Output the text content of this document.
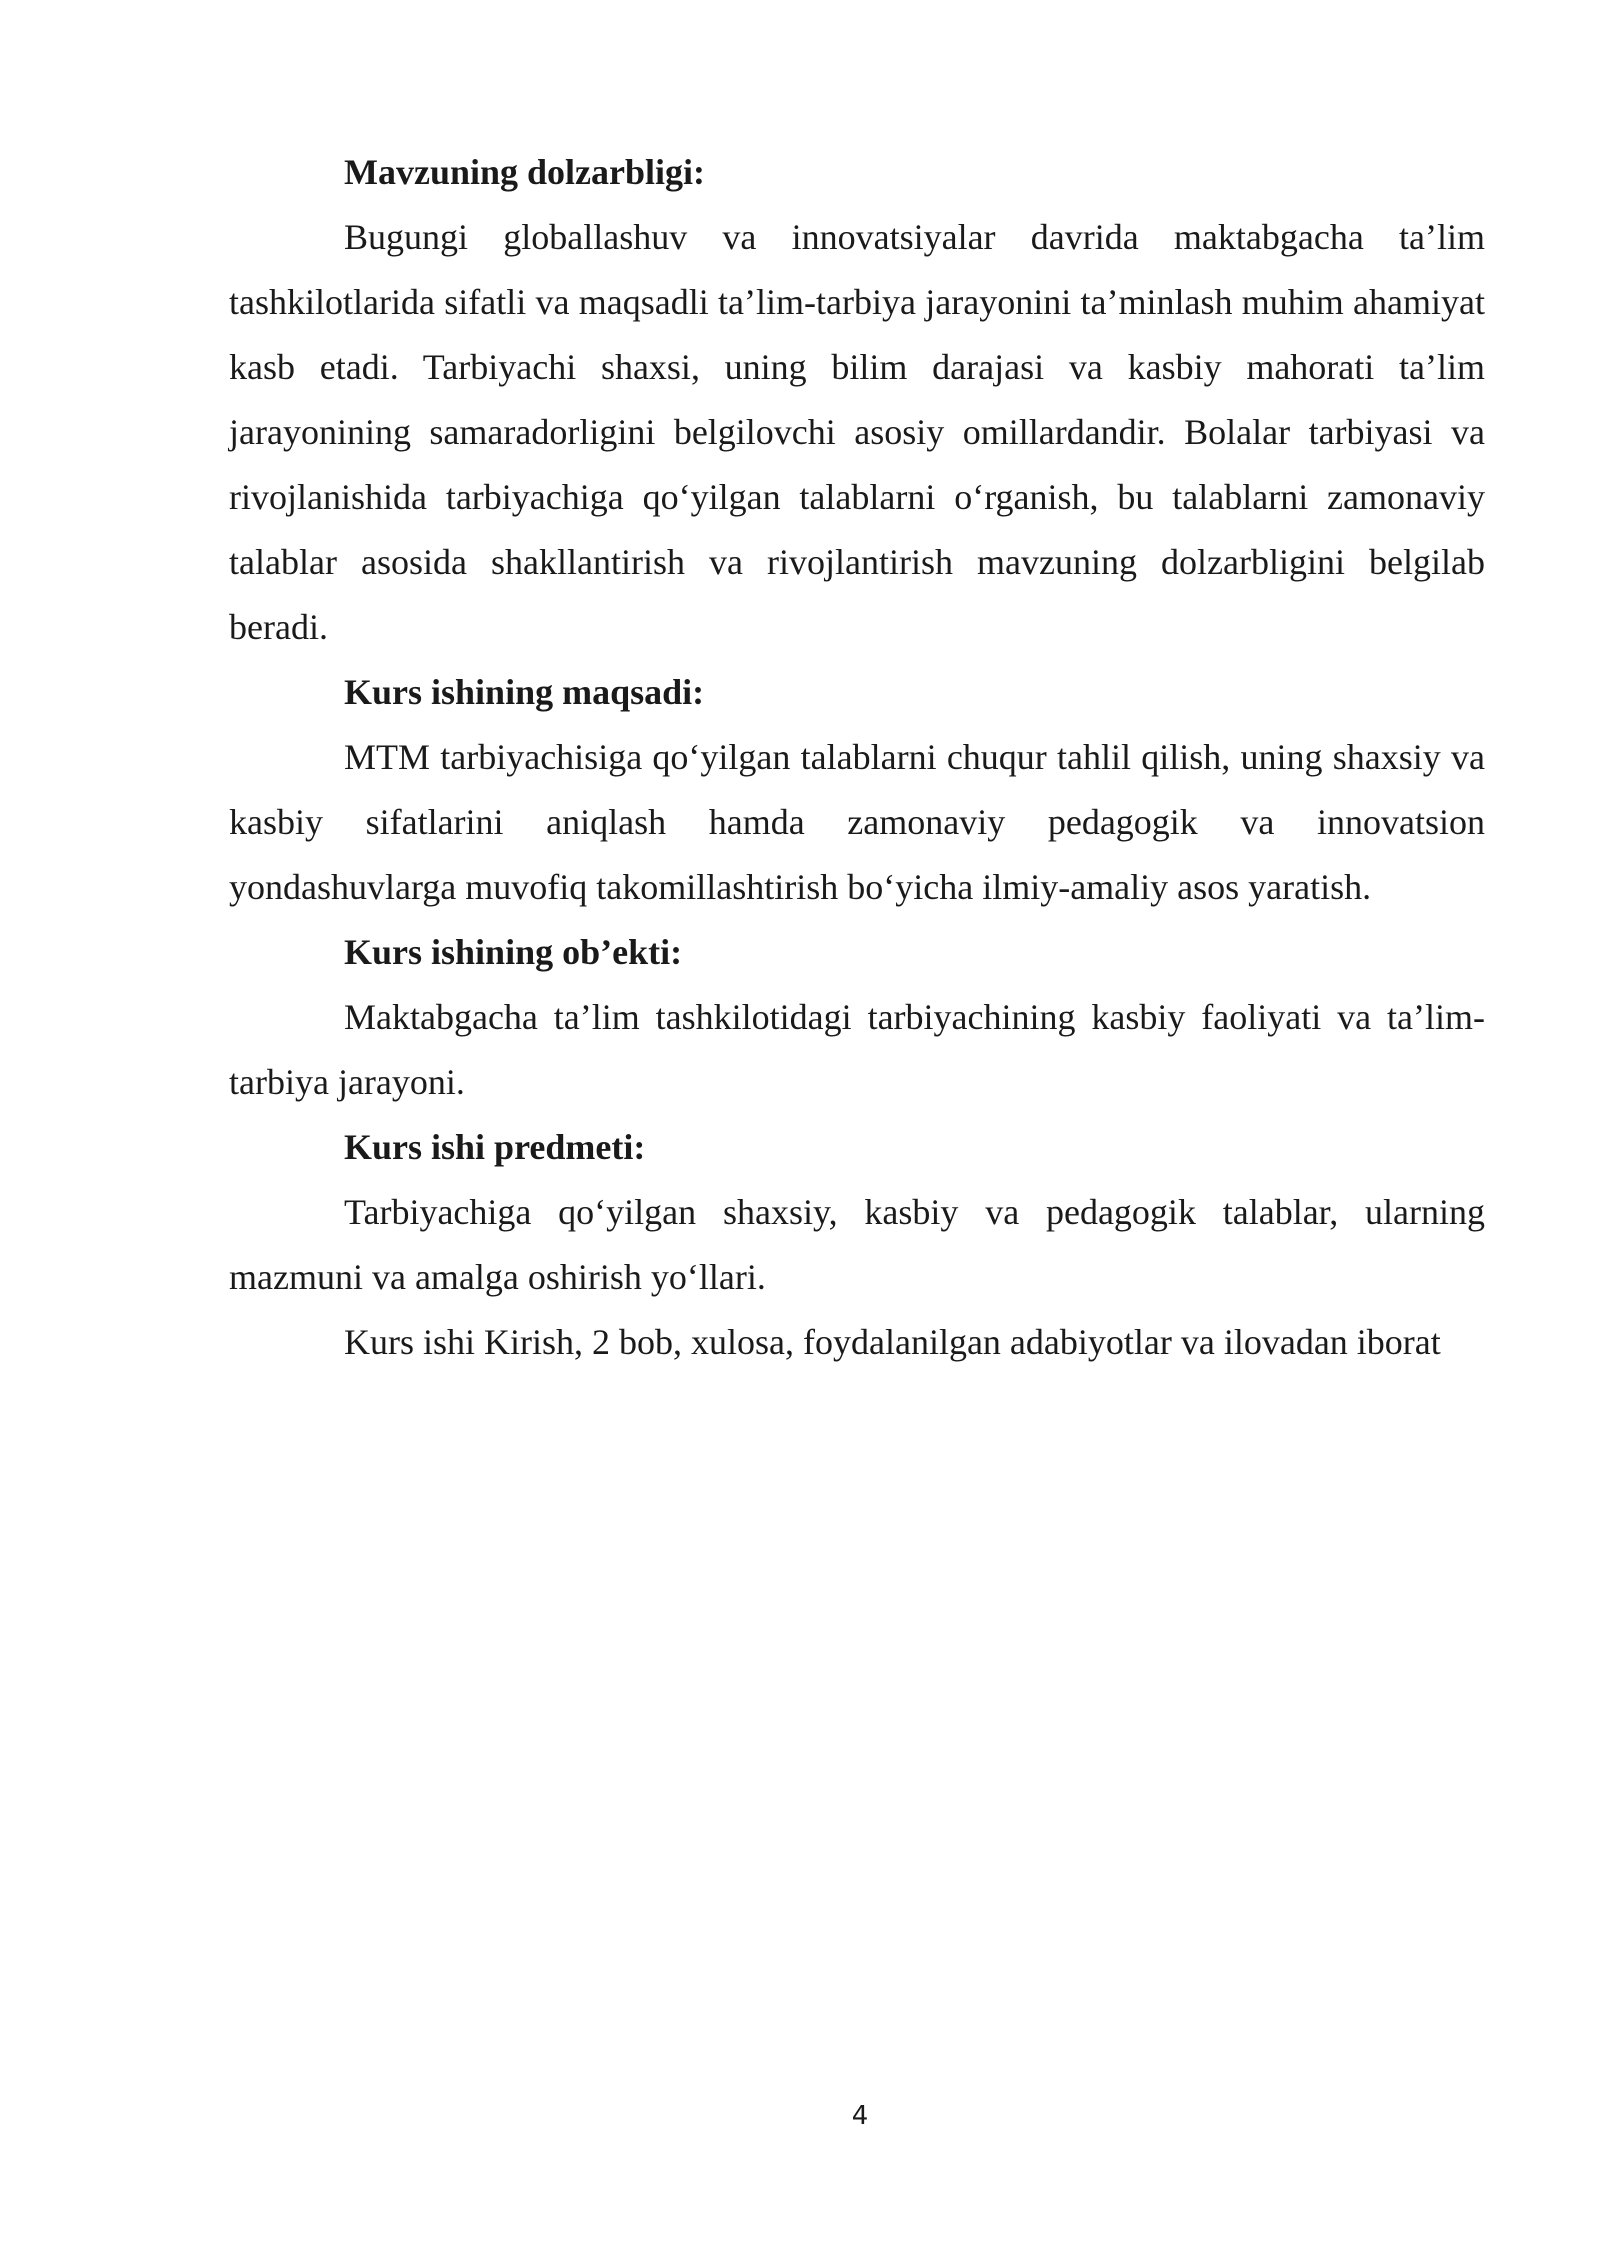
Mavzuning dolzarbligi:

Bugungi globallashuv va innovatsiyalar davrida maktabgacha ta’lim tashkilotlarida sifatli va maqsadli ta’lim-tarbiya jarayonini ta’minlash muhim ahamiyat kasb etadi. Tarbiyachi shaxsi, uning bilim darajasi va kasbiy mahorati ta’lim jarayonining samaradorligini belgilovchi asosiy omillardandir. Bolalar tarbiyasi va rivojlanishida tarbiyachiga qo‘yilgan talablarni o‘rganish, bu talablarni zamonaviy talablar asosida shakllantirish va rivojlantirish mavzuning dolzarbligini belgilab beradi.

Kurs ishining maqsadi:

MTM tarbiyachisiga qo‘yilgan talablarni chuqur tahlil qilish, uning shaxsiy va kasbiy sifatlarini aniqlash hamda zamonaviy pedagogik va innovatsion yondashuvlarga muvofiq takomillashtirish bo‘yicha ilmiy-amaliy asos yaratish.

Kurs ishining ob’ekti:

Maktabgacha ta’lim tashkilotidagi tarbiyachining kasbiy faoliyati va ta’lim-tarbiya jarayoni.

Kurs ishi predmeti:

Tarbiyachiga qo‘yilgan shaxsiy, kasbiy va pedagogik talablar, ularning mazmuni va amalga oshirish yo‘llari.

Kurs ishi Kirish, 2 bob, xulosa, foydalanilgan adabiyotlar va ilovadan iborat

4
